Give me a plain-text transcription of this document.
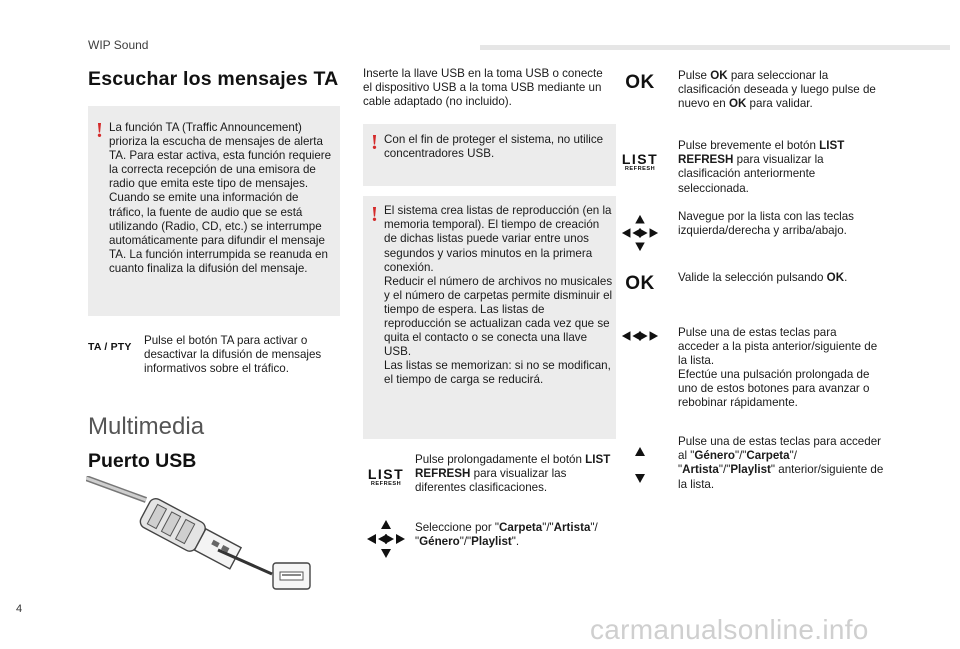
WIP Sound
Escuchar los mensajes TA
! La función TA (Traffic Announcement) prioriza la escucha de mensajes de alerta TA. Para estar activa, esta función requiere la correcta recepción de una emisora de radio que emita este tipo de mensajes. Cuando se emite una información de tráfico, la fuente de audio que se está utilizando (Radio, CD, etc.) se interrumpe automáticamente para difundir el mensaje TA. La función interrumpida se reanuda en cuanto finaliza la difusión del mensaje.

TA / PTY Pulse el botón TA para activar o desactivar la difusión de mensajes informativos sobre el tráfico.

Multimedia
Puerto USB

Inserte la llave USB en la toma USB o conecte el dispositivo USB a la toma USB mediante un cable adaptado (no incluido).

! Con el fin de proteger el sistema, no utilice concentradores USB.

! El sistema crea listas de reproducción (en la memoria temporal). El tiempo de creación de dichas listas puede variar entre unos segundos y varios minutos en la primera conexión.

Reducir el número de archivos no musicales y el número de carpetas permite disminuir el tiempo de espera. Las listas de reproducción se actualizan cada vez que se quita el contacto o se conecta una llave USB.

Las listas se memorizan: si no se modifican, el tiempo de carga se reducirá.

LIST
REFRESH

Pulse prolongadamente el botón LIST REFRESH para visualizar las diferentes clasificaciones.

Seleccione por "Carpeta"/"Artista"/ "Género"/"Playlist".

OK Pulse OK para seleccionar la clasificación deseada y luego pulse de nuevo en OK para validar.

LIST
REFRESH

Pulse brevemente el botón LIST REFRESH para visualizar la clasificación anteriormente seleccionada.

Navegue por la lista con las teclas izquierda/derecha y arriba/abajo.

OK Valide la selección pulsando OK.

Pulse una de estas teclas para acceder a la pista anterior/siguiente de la lista.

Efectúe una pulsación prolongada de uno de estos botones para avanzar o rebobinar rápidamente.

Pulse una de estas teclas para acceder al "Género"/"Carpeta"/ "Artista"/"Playlist" anterior/siguiente de la lista.

4
carmanualsonline.info
